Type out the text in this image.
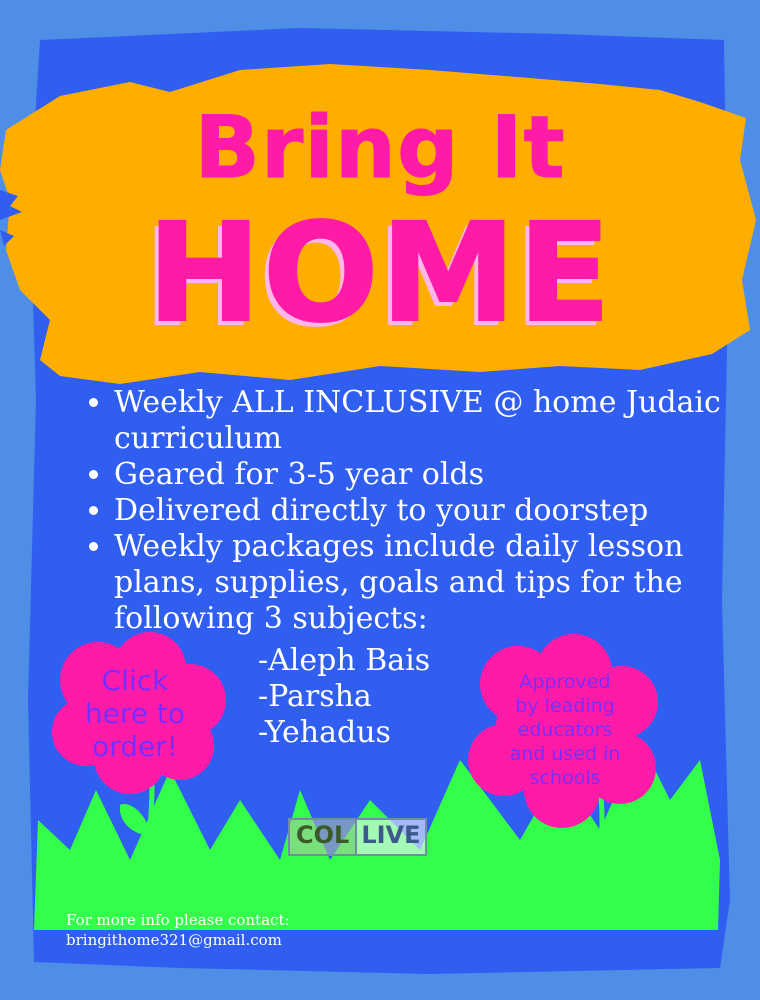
Bring It
HOME
• Weekly ALL INCLUSIVE @ home Judaic curriculum
• Geared for 3-5 year olds
• Delivered directly to your doorstep
• Weekly packages include daily lesson plans, supplies, goals and tips for the following 3 subjects:
-Aleph Bais
-Parsha
-Yehadus
Click
here to
order!
Approved
by leading
educators
and used in
schools
COL LIVE
For more info please contact:
bringithome321@gmail.com
